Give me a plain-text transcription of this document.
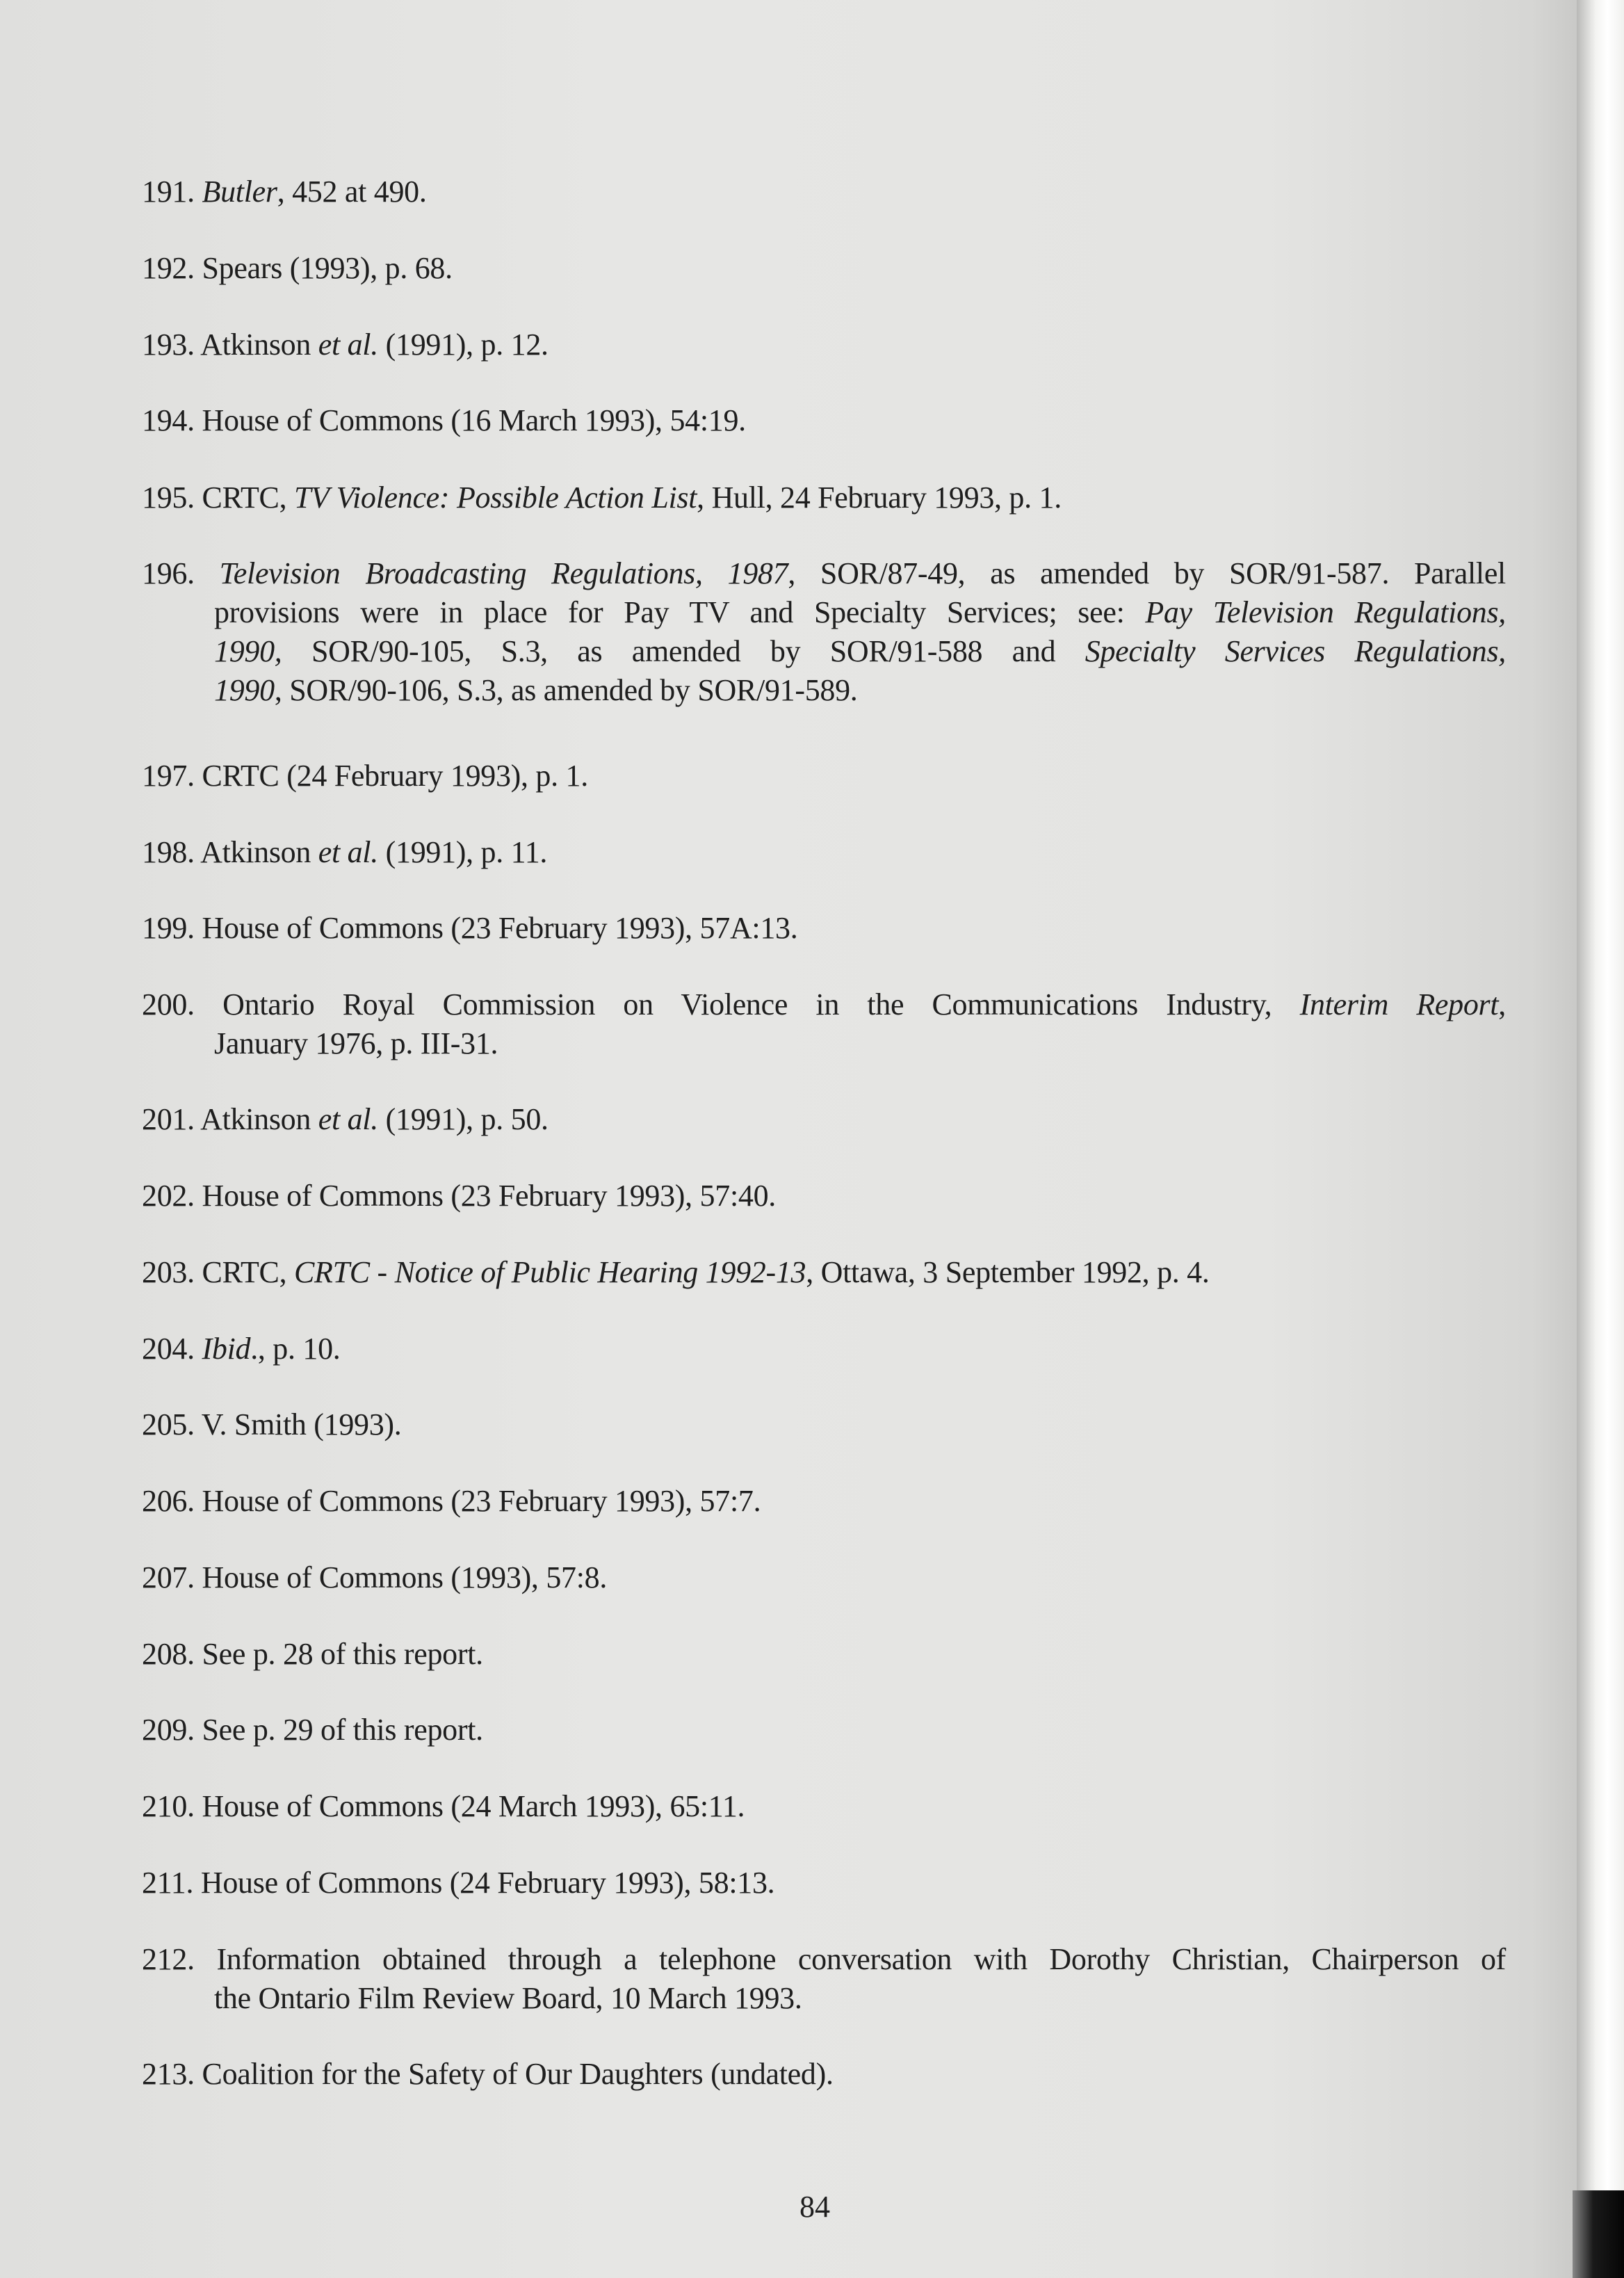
191. Butler, 452 at 490.
192. Spears (1993), p. 68.
193. Atkinson et al. (1991), p. 12.
194. House of Commons (16 March 1993), 54:19.
195. CRTC, TV Violence: Possible Action List, Hull, 24 February 1993, p. 1.
196. Television Broadcasting Regulations, 1987, SOR/87-49, as amended by SOR/91-587. Parallel
provisions were in place for Pay TV and Specialty Services; see: Pay Television Regulations,
1990, SOR/90-105, S.3, as amended by SOR/91-588 and Specialty Services Regulations,
1990, SOR/90-106, S.3, as amended by SOR/91-589.
197. CRTC (24 February 1993), p. 1.
198. Atkinson et al. (1991), p. 11.
199. House of Commons (23 February 1993), 57A:13.
200. Ontario Royal Commission on Violence in the Communications Industry, Interim Report,
January 1976, p. III-31.
201. Atkinson et al. (1991), p. 50.
202. House of Commons (23 February 1993), 57:40.
203. CRTC, CRTC - Notice of Public Hearing 1992-13, Ottawa, 3 September 1992, p. 4.
204. Ibid., p. 10.
205. V. Smith (1993).
206. House of Commons (23 February 1993), 57:7.
207. House of Commons (1993), 57:8.
208. See p. 28 of this report.
209. See p. 29 of this report.
210. House of Commons (24 March 1993), 65:11.
211. House of Commons (24 February 1993), 58:13.
212. Information obtained through a telephone conversation with Dorothy Christian, Chairperson of
the Ontario Film Review Board, 10 March 1993.
213. Coalition for the Safety of Our Daughters (undated).
84
